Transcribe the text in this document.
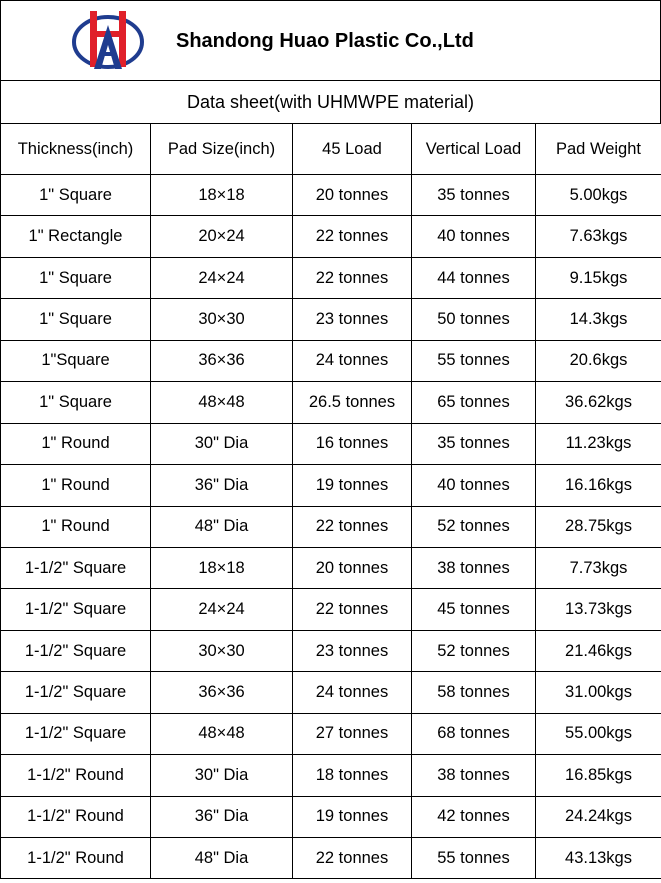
Shandong Huao Plastic Co.,Ltd
Data sheet(with UHMWPE material)
Thickness(inch)	Pad Size(inch)	45 Load	Vertical Load	Pad Weight
1" Square	18×18	20 tonnes	35 tonnes	5.00kgs
1" Rectangle	20×24	22 tonnes	40 tonnes	7.63kgs
1" Square	24×24	22 tonnes	44 tonnes	9.15kgs
1" Square	30×30	23 tonnes	50 tonnes	14.3kgs
1"Square	36×36	24 tonnes	55 tonnes	20.6kgs
1" Square	48×48	26.5 tonnes	65 tonnes	36.62kgs
1" Round	30" Dia	16 tonnes	35 tonnes	11.23kgs
1" Round	36" Dia	19 tonnes	40 tonnes	16.16kgs
1" Round	48" Dia	22 tonnes	52 tonnes	28.75kgs
1-1/2" Square	18×18	20 tonnes	38 tonnes	7.73kgs
1-1/2" Square	24×24	22 tonnes	45 tonnes	13.73kgs
1-1/2" Square	30×30	23 tonnes	52 tonnes	21.46kgs
1-1/2" Square	36×36	24 tonnes	58 tonnes	31.00kgs
1-1/2" Square	48×48	27 tonnes	68 tonnes	55.00kgs
1-1/2" Round	30" Dia	18 tonnes	38 tonnes	16.85kgs
1-1/2" Round	36" Dia	19 tonnes	42 tonnes	24.24kgs
1-1/2" Round	48" Dia	22 tonnes	55 tonnes	43.13kgs
